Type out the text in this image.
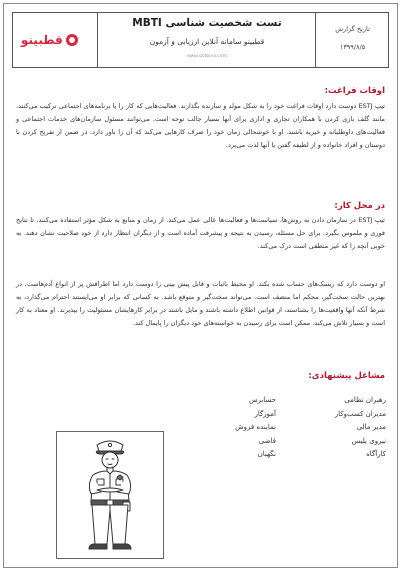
قطبینو
تست شخصیت شناسی MBTI
قطبینو سامانه آنلاین ارزیابی و آزمون
www.qotbino.com
تاریخ گزارش
۱۳۹۹/۸/۵
اوقات فراغت:
تیپ ESTJ دوست دارد اوقات فراغت خود را به شکل مولد و سازنده بگذارند. فعالیت‌هایی که کار را با برنامه‌های اجتماعی ترکیب می‌کنند، مانند گلف بازی کردن با همکاران تجاری و اداری برای آنها بسیار جالب توجه است. می‌توانند مسئول سازمان‌های خدمات اجتماعی و فعالیت‌های داوطلبانه و خیریه باشند. او با خوشحالی زمان خود را صرف کارهایی می‌کند که آن را باور دارد. در ضمن از تفریح کردن با دوستان و افراد خانواده و از لطیفه گفتن با آنها لذت می‌برد.
در محل کار:
تیپ ESTJ در سازمان دادن به روش‌ها، سیاست‌ها و فعالیت‌ها عالی عمل می‌کند. از زمان و منابع به شکل مؤثر استفاده می‌کنند. تا نتایج فوری و ملموس بگیرد. برای حل مسئله، رسیدن به نتیجه و پیشرفت آماده است و از دیگران انتظار دارد از خود صلاحیت نشان دهند. به خوبی آنچه را که غیر منطقی است درک می‌کند.
او دوست دارد که ریسک‌های حساب شده بکند. او محیط باثبات و قابل پیش بینی را دوست دارد اما اطرافش پر از انواع آدم‌هاست. در بهترین حالت سخت‌گیر، محکم اما منصف است. می‌تواند سخت‌گیر و متوقع باشد. به کسانی که برابر او می‌ایستند احترام می‌گذارد، به شرط آنکه آنها واقعیت‌ها را بشناسند، از قوانین اطلاع داشته باشند و مایل باشند در برابر کارهایشان مسئولیت را بپذیرند. او معتاد به کار است و بسیار تلاش می‌کند. ممکن است برای رسیدن به خواسته‌های خود دیگران را پایمال کند.
مشاغل پیشنهادی:
رهبران نظامی
مدیران کسب‌وکار
مدیر مالی
نیروی پلیس
کارآگاه
حسابرس
آموزگار
نماینده فروش
قاضی
نگهبان
